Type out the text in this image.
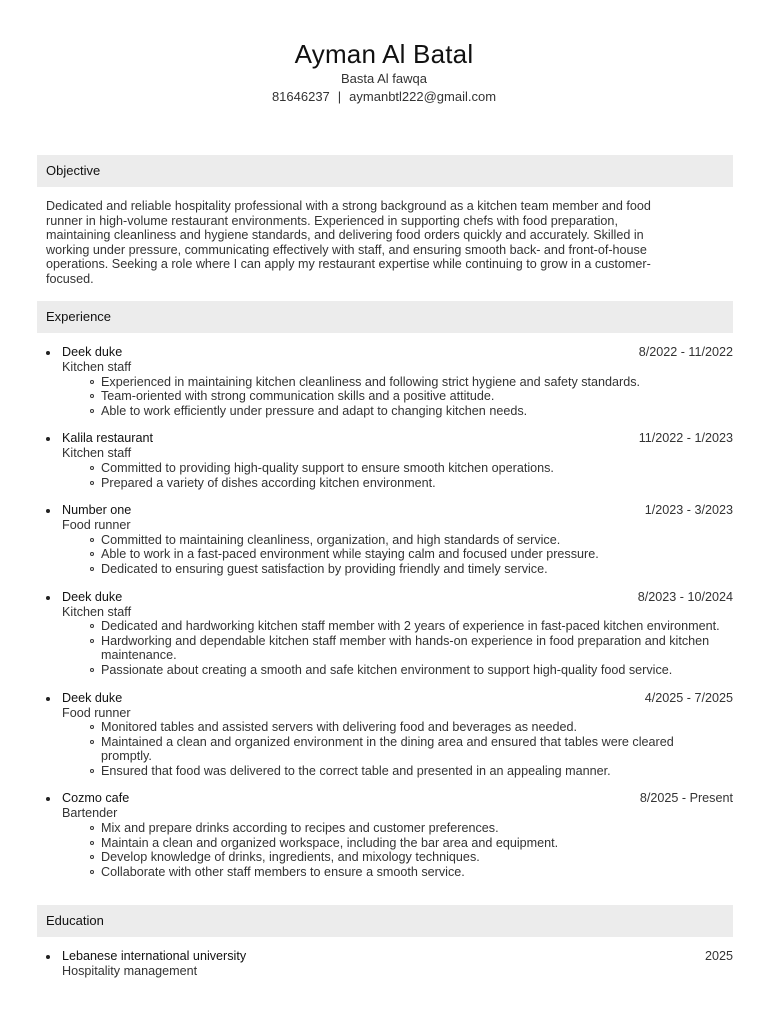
Ayman Al Batal
Basta Al fawqa
81646237 | aymanbtl222@gmail.com
Objective
Dedicated and reliable hospitality professional with a strong background as a kitchen team member and food
runner in high-volume restaurant environments. Experienced in supporting chefs with food preparation,
maintaining cleanliness and hygiene standards, and delivering food orders quickly and accurately. Skilled in
working under pressure, communicating effectively with staff, and ensuring smooth back- and front-of-house
operations. Seeking a role where I can apply my restaurant expertise while continuing to grow in a customer-
focused.
Experience
Deek duke	8/2022 - 11/2022
Kitchen staff
Experienced in maintaining kitchen cleanliness and following strict hygiene and safety standards.
Team-oriented with strong communication skills and a positive attitude.
Able to work efficiently under pressure and adapt to changing kitchen needs.
Kalila restaurant	11/2022 - 1/2023
Kitchen staff
Committed to providing high-quality support to ensure smooth kitchen operations.
Prepared a variety of dishes according kitchen environment.
Number one	1/2023 - 3/2023
Food runner
Committed to maintaining cleanliness, organization, and high standards of service.
Able to work in a fast-paced environment while staying calm and focused under pressure.
Dedicated to ensuring guest satisfaction by providing friendly and timely service.
Deek duke	8/2023 - 10/2024
Kitchen staff
Dedicated and hardworking kitchen staff member with 2 years of experience in fast-paced kitchen environment.
Hardworking and dependable kitchen staff member with hands-on experience in food preparation and kitchen maintenance.
Passionate about creating a smooth and safe kitchen environment to support high-quality food service.
Deek duke	4/2025 - 7/2025
Food runner
Monitored tables and assisted servers with delivering food and beverages as needed.
Maintained a clean and organized environment in the dining area and ensured that tables were cleared promptly.
Ensured that food was delivered to the correct table and presented in an appealing manner.
Cozmo cafe	8/2025 - Present
Bartender
Mix and prepare drinks according to recipes and customer preferences.
Maintain a clean and organized workspace, including the bar area and equipment.
Develop knowledge of drinks, ingredients, and mixology techniques.
Collaborate with other staff members to ensure a smooth service.
Education
Lebanese international university	2025
Hospitality management
